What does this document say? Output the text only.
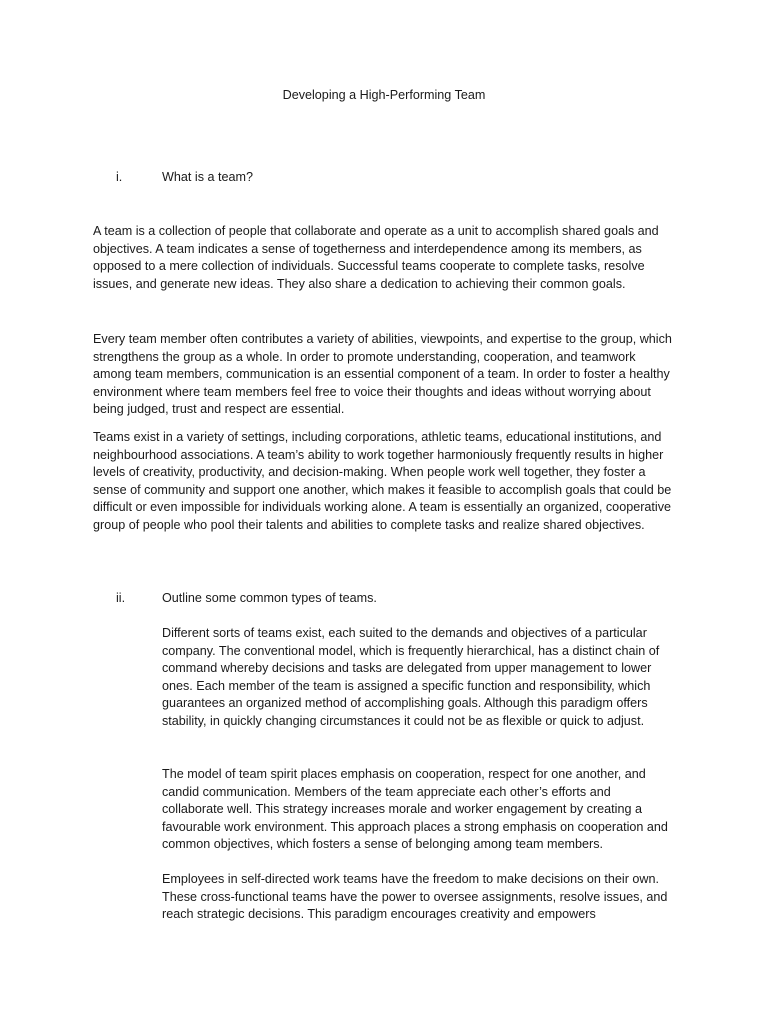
Developing a High-Performing Team
i.	What is a team?

A team is a collection of people that collaborate and operate as a unit to accomplish shared goals and objectives. A team indicates a sense of togetherness and interdependence among its members, as opposed to a mere collection of individuals. Successful teams cooperate to complete tasks, resolve issues, and generate new ideas. They also share a dedication to achieving their common goals.

Every team member often contributes a variety of abilities, viewpoints, and expertise to the group, which strengthens the group as a whole. In order to promote understanding, cooperation, and teamwork among team members, communication is an essential component of a team. In order to foster a healthy environment where team members feel free to voice their thoughts and ideas without worrying about being judged, trust and respect are essential.

Teams exist in a variety of settings, including corporations, athletic teams, educational institutions, and neighbourhood associations. A team’s ability to work together harmoniously frequently results in higher levels of creativity, productivity, and decision-making. When people work well together, they foster a sense of community and support one another, which makes it feasible to accomplish goals that could be difficult or even impossible for individuals working alone. A team is essentially an organized, cooperative group of people who pool their talents and abilities to complete tasks and realize shared objectives.

ii.	Outline some common types of teams.

Different sorts of teams exist, each suited to the demands and objectives of a particular company. The conventional model, which is frequently hierarchical, has a distinct chain of command whereby decisions and tasks are delegated from upper management to lower ones. Each member of the team is assigned a specific function and responsibility, which guarantees an organized method of accomplishing goals. Although this paradigm offers stability, in quickly changing circumstances it could not be as flexible or quick to adjust.

The model of team spirit places emphasis on cooperation, respect for one another, and candid communication. Members of the team appreciate each other’s efforts and collaborate well. This strategy increases morale and worker engagement by creating a favourable work environment. This approach places a strong emphasis on cooperation and common objectives, which fosters a sense of belonging among team members.

Employees in self-directed work teams have the freedom to make decisions on their own. These cross-functional teams have the power to oversee assignments, resolve issues, and reach strategic decisions. This paradigm encourages creativity and empowers
